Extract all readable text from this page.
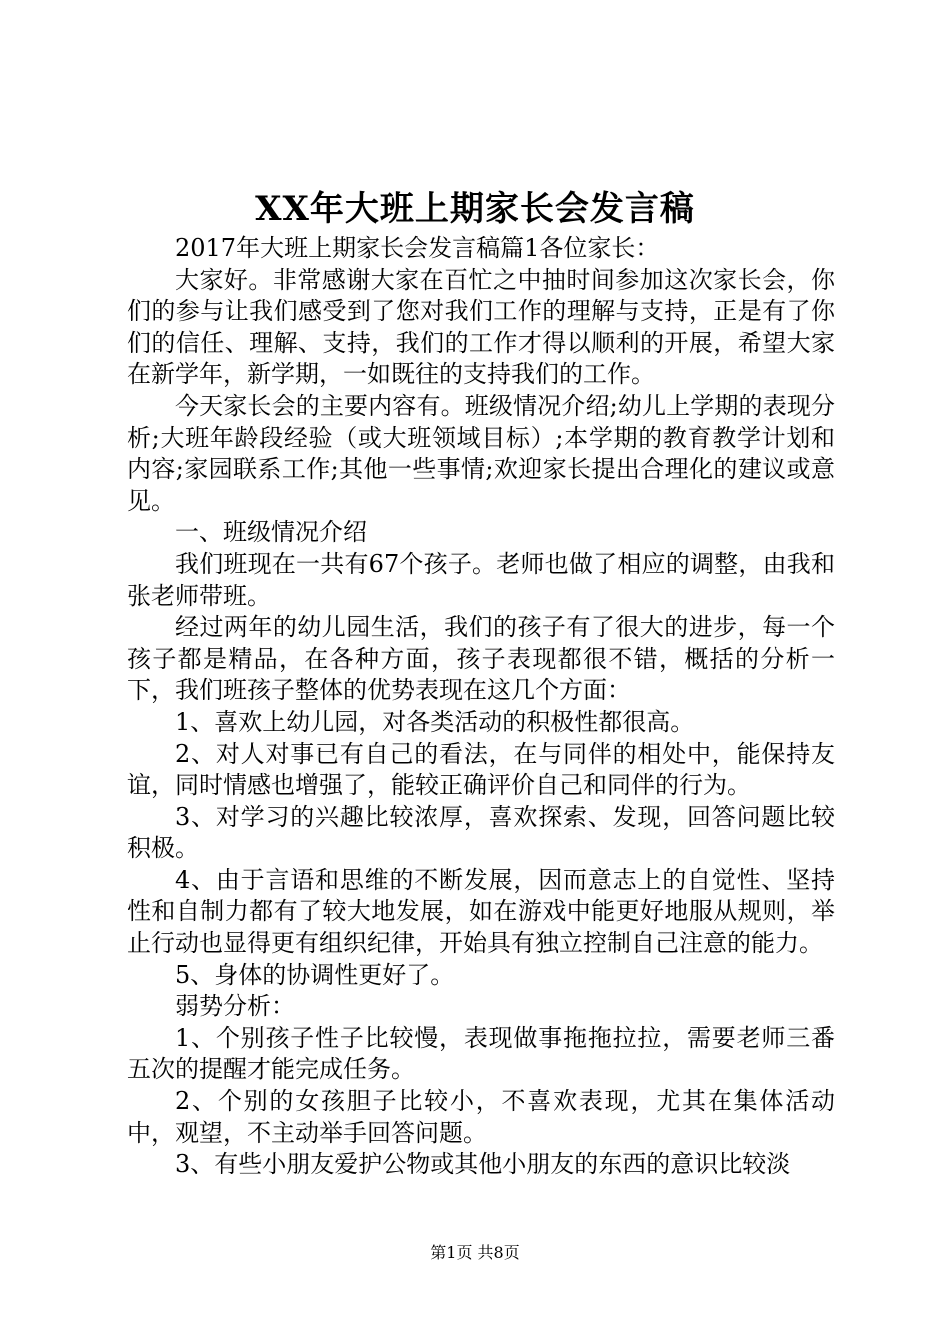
XX年大班上期家长会发言稿

2017年大班上期家长会发言稿篇1各位家长：

大家好。非常感谢大家在百忙之中抽时间参加这次家长会，你们的参与让我们感受到了您对我们工作的理解与支持，正是有了你们的信任、理解、支持，我们的工作才得以顺利的开展，希望大家在新学年，新学期，一如既往的支持我们的工作。

今天家长会的主要内容有。班级情况介绍;幼儿上学期的表现分析;大班年龄段经验（或大班领域目标）;本学期的教育教学计划和内容;家园联系工作;其他一些事情;欢迎家长提出合理化的建议或意见。

一、班级情况介绍

我们班现在一共有67个孩子。老师也做了相应的调整，由我和张老师带班。

经过两年的幼儿园生活，我们的孩子有了很大的进步，每一个孩子都是精品，在各种方面，孩子表现都很不错，概括的分析一下，我们班孩子整体的优势表现在这几个方面：

1、喜欢上幼儿园，对各类活动的积极性都很高。

2、对人对事已有自己的看法，在与同伴的相处中，能保持友谊，同时情感也增强了，能较正确评价自己和同伴的行为。

3、对学习的兴趣比较浓厚，喜欢探索、发现，回答问题比较积极。

4、由于言语和思维的不断发展，因而意志上的自觉性、坚持性和自制力都有了较大地发展，如在游戏中能更好地服从规则，举止行动也显得更有组织纪律，开始具有独立控制自己注意的能力。

5、身体的协调性更好了。

弱势分析：

1、个别孩子性子比较慢，表现做事拖拖拉拉，需要老师三番五次的提醒才能完成任务。

2、个别的女孩胆子比较小，不喜欢表现，尤其在集体活动中，观望，不主动举手回答问题。

3、有些小朋友爱护公物或其他小朋友的东西的意识比较淡

第1页 共8页
